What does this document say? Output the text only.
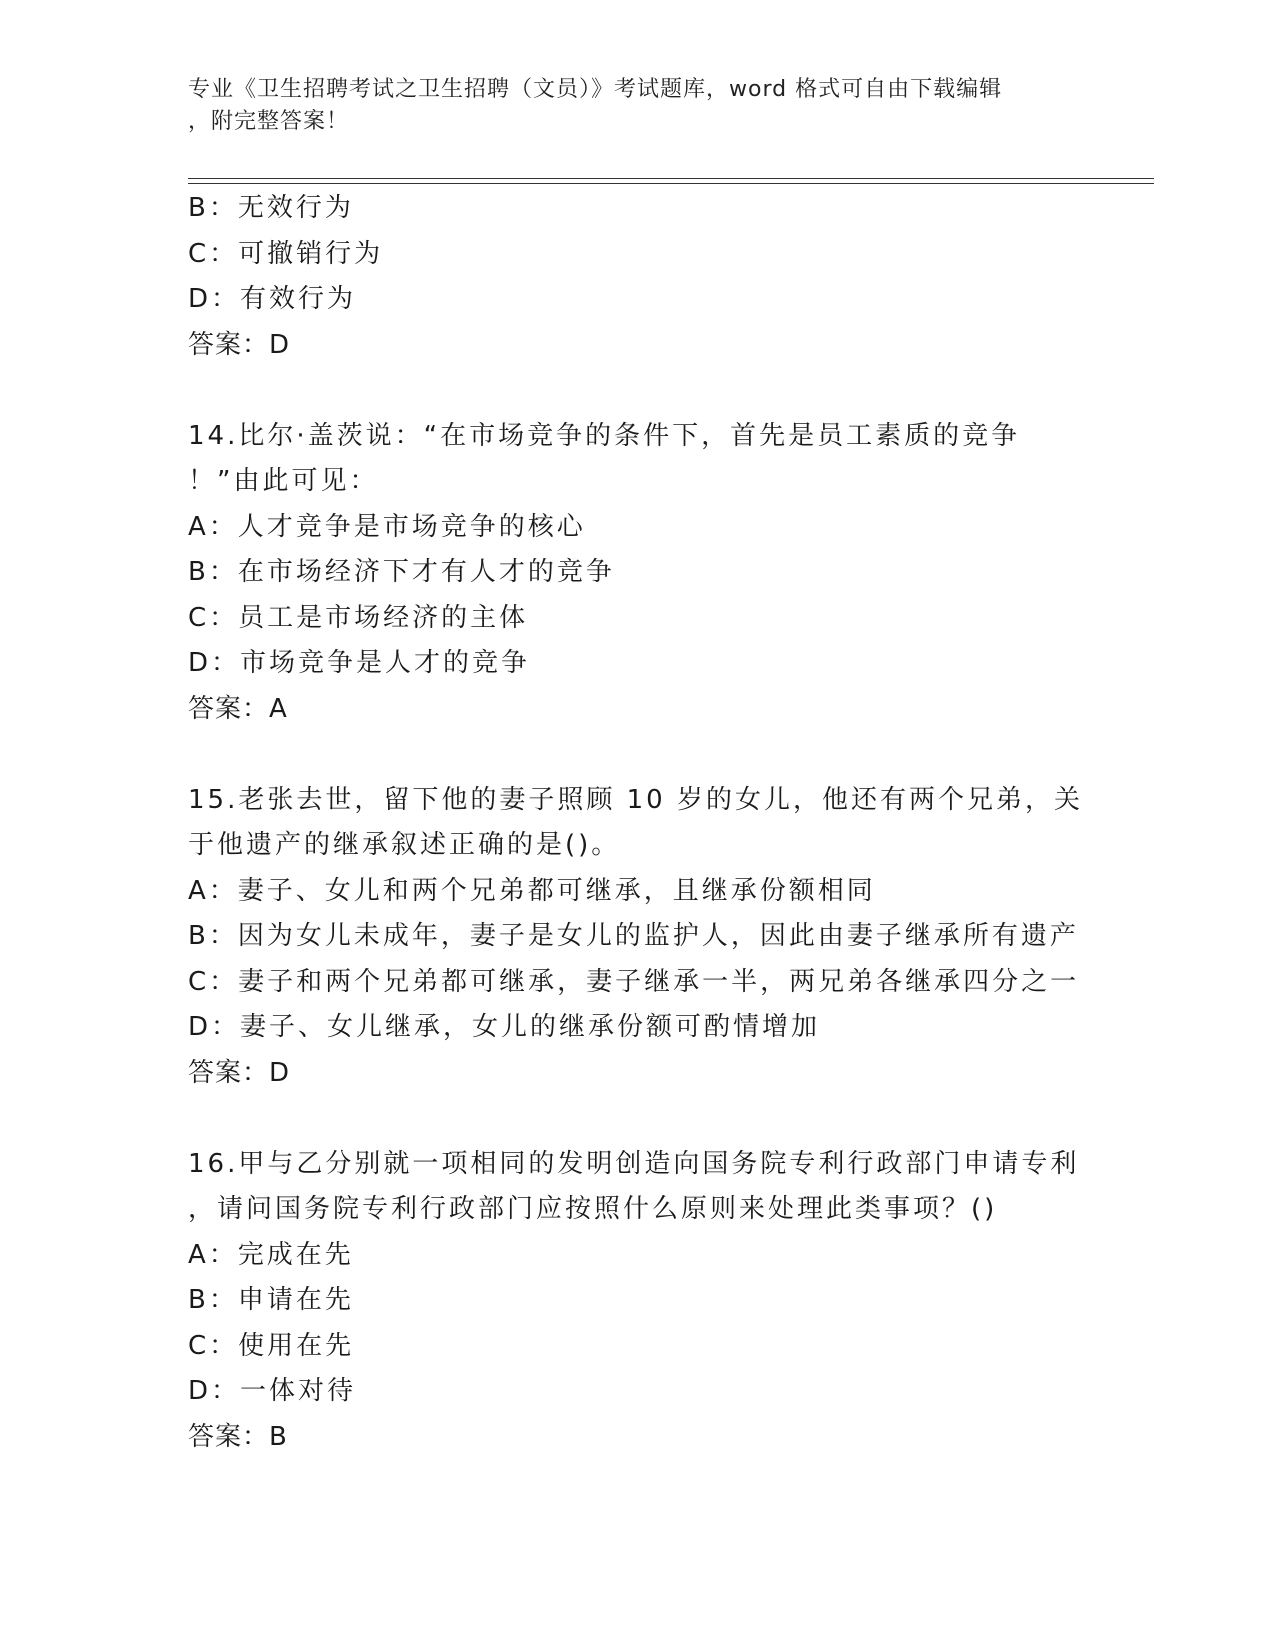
专业《卫生招聘考试之卫生招聘（文员）》考试题库，word 格式可自由下载编辑
，附完整答案！
B：无效行为
C：可撤销行为
D：有效行为
答案：D
14.比尔·盖茨说：“在市场竞争的条件下，首先是员工素质的竞争
！”由此可见：
A：人才竞争是市场竞争的核心
B：在市场经济下才有人才的竞争
C：员工是市场经济的主体
D：市场竞争是人才的竞争
答案：A
15.老张去世，留下他的妻子照顾 10 岁的女儿，他还有两个兄弟，关
于他遗产的继承叙述正确的是()。
A：妻子、女儿和两个兄弟都可继承，且继承份额相同
B：因为女儿未成年，妻子是女儿的监护人，因此由妻子继承所有遗产
C：妻子和两个兄弟都可继承，妻子继承一半，两兄弟各继承四分之一
D：妻子、女儿继承，女儿的继承份额可酌情增加
答案：D
16.甲与乙分别就一项相同的发明创造向国务院专利行政部门申请专利
，请问国务院专利行政部门应按照什么原则来处理此类事项？()
A：完成在先
B：申请在先
C：使用在先
D：一体对待
答案：B
